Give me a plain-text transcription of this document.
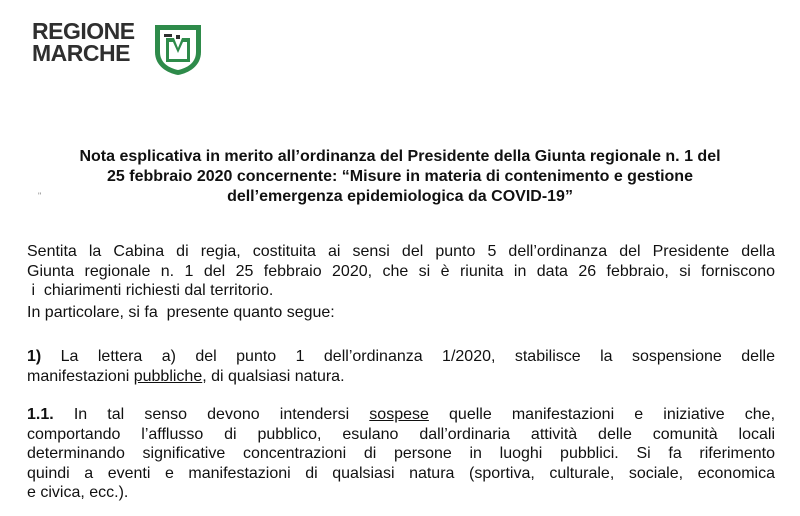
REGIONE
MARCHE
Nota esplicativa in merito all’ordinanza del Presidente della Giunta regionale n. 1 del
25 febbraio 2020 concernente: “Misure in materia di contenimento e gestione
dell’emergenza epidemiologica da COVID-19”
"
Sentita la Cabina di regia, costituita ai sensi del punto 5 dell’ordinanza del Presidente della
Giunta regionale n. 1 del 25 febbraio 2020, che si è riunita in data 26 febbraio, si forniscono
i  chiarimenti richiesti dal territorio.
In particolare, si fa  presente quanto segue:
1) La lettera a) del punto 1 dell’ordinanza 1/2020, stabilisce la sospensione delle
manifestazioni pubbliche, di qualsiasi natura.
1.1. In tal senso devono intendersi sospese quelle manifestazioni e iniziative che,
comportando l’afflusso di pubblico, esulano dall’ordinaria attività delle comunità locali
determinando significative concentrazioni di persone in luoghi pubblici. Si fa riferimento
quindi a eventi e manifestazioni di qualsiasi natura (sportiva, culturale, sociale, economica
e civica, ecc.).
